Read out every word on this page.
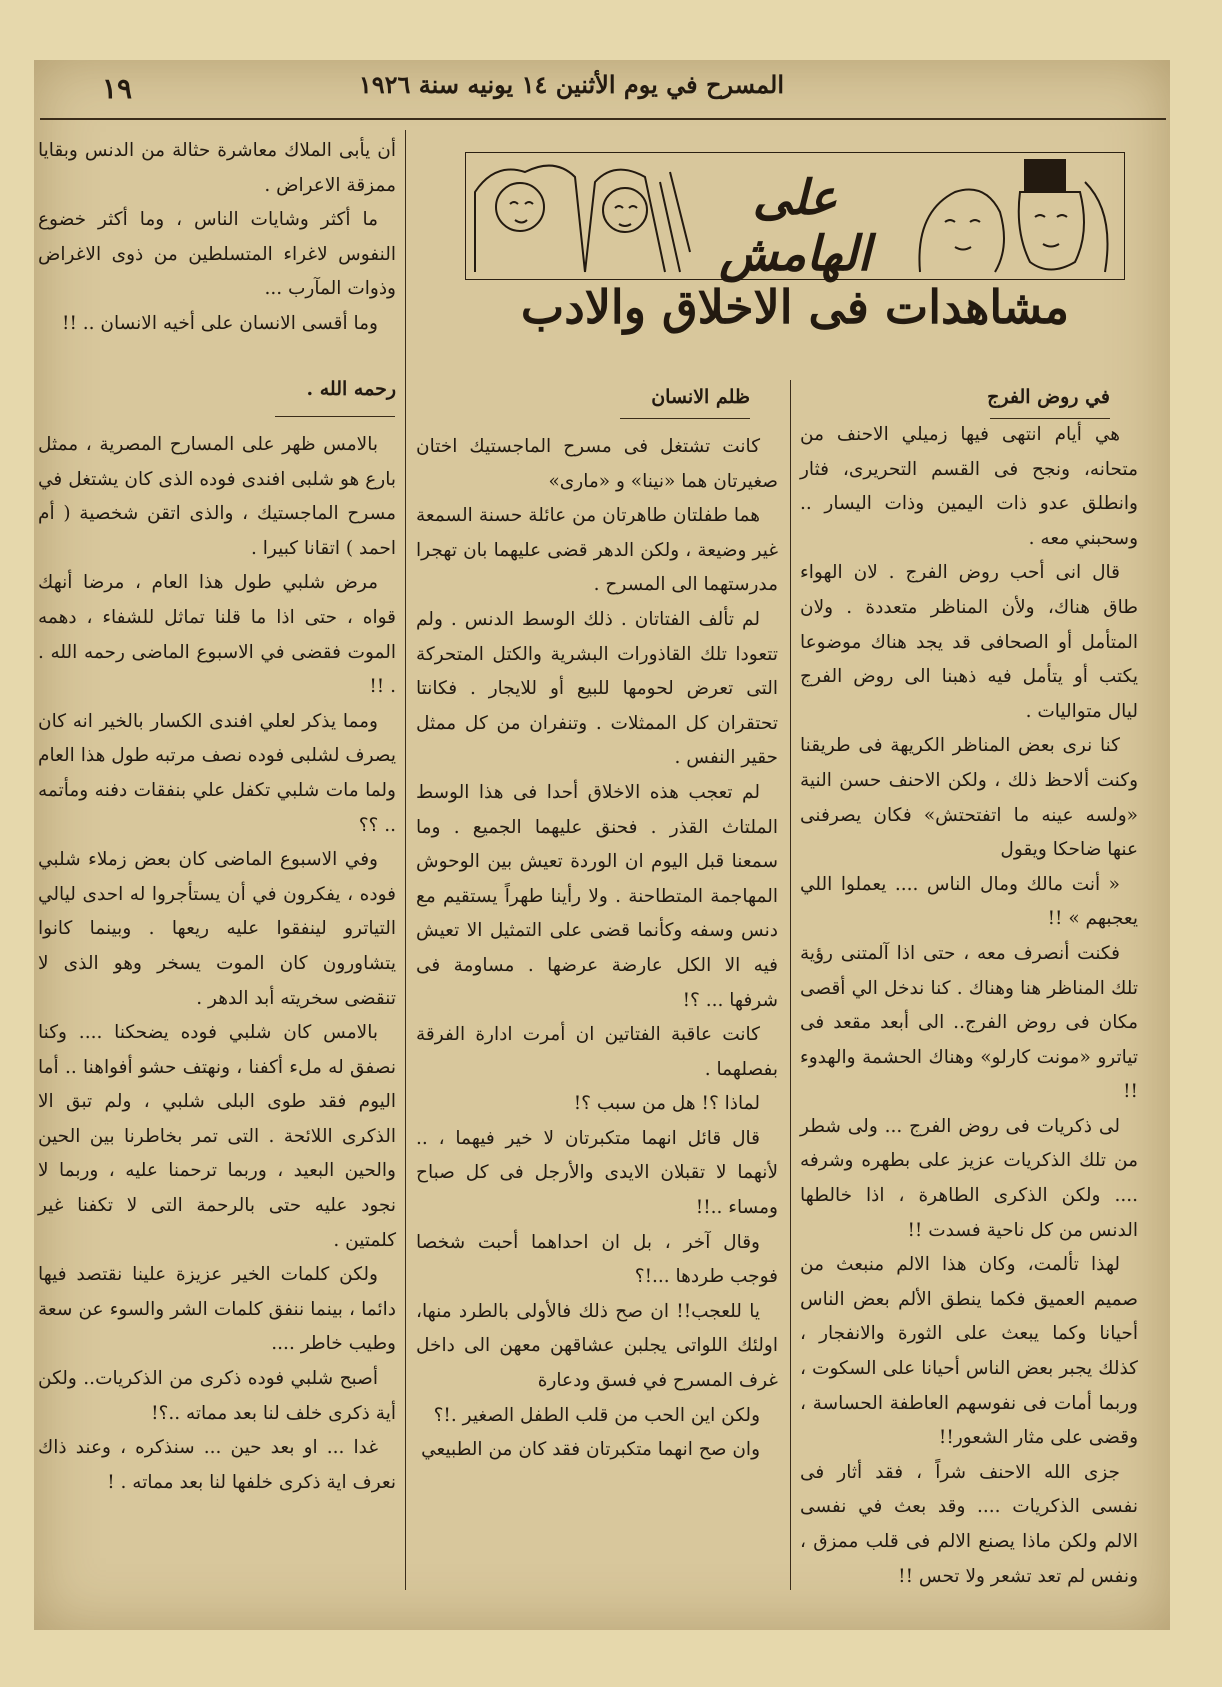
المسرح في يوم الأثنين ١٤ يونيه سنة ١٩٢٦
١٩
على الهامش
مشاهدات فى الاخلاق والادب
في روض الفرج

هي أيام انتهى فيها زميلي الاحنف من متحانه، ونجح فى القسم التحريرى، فثار وانطلق عدو ذات اليمين وذات اليسار .. وسحبني معه .

قال انى أحب روض الفرج . لان الهواء طاق هناك، ولأن المناظر متعددة . ولان المتأمل أو الصحافى قد يجد هناك موضوعا يكتب أو يتأمل فيه ذهبنا الى روض الفرج ليال متواليات .

كنا نرى بعض المناظر الكريهة فى طريقنا وكنت ألاحظ ذلك ، ولكن الاحنف حسن النية «ولسه عينه ما اتفتحتش» فكان يصرفنى عنها ضاحكا ويقول

« أنت مالك ومال الناس .... يعملوا اللي يعجبهم » !!

فكنت أنصرف معه ، حتى اذا آلمتنى رؤية تلك المناظر هنا وهناك . كنا ندخل الي أقصى مكان فى روض الفرج.. الى أبعد مقعد فى تياترو «مونت كارلو» وهناك الحشمة والهدوء !!

لى ذكريات فى روض الفرج ... ولى شطر من تلك الذكريات عزيز على بطهره وشرفه .... ولكن الذكرى الطاهرة ، اذا خالطها الدنس من كل ناحية فسدت !!

لهذا تألمت، وكان هذا الالم منبعث من صميم العميق فكما ينطق الألم بعض الناس أحيانا وكما يبعث على الثورة والانفجار ، كذلك يجبر بعض الناس أحيانا على السكوت ، وربما أمات فى نفوسهم العاطفة الحساسة ، وقضى على مثار الشعور!!

جزى الله الاحنف شراً ، فقد أثار فى نفسى الذكريات .... وقد بعث في نفسى الالم ولكن ماذا يصنع الالم فى قلب ممزق ، ونفس لم تعد تشعر ولا تحس !!

ظلم الانسان

كانت تشتغل فى مسرح الماجستيك اختان صغيرتان هما «نينا» و «مارى»

هما طفلتان طاهرتان من عائلة حسنة السمعة غير وضيعة ، ولكن الدهر قضى عليهما بان تهجرا مدرستهما الى المسرح .

لم تألف الفتاتان . ذلك الوسط الدنس . ولم تتعودا تلك القاذورات البشرية والكتل المتحركة التى تعرض لحومها للبيع أو للايجار . فكانتا تحتقران كل الممثلات . وتنفران من كل ممثل حقير النفس .

لم تعجب هذه الاخلاق أحدا فى هذا الوسط الملتاث القذر . فحنق عليهما الجميع . وما سمعنا قبل اليوم ان الوردة تعيش بين الوحوش المهاجمة المتطاحنة . ولا رأينا طهراً يستقيم مع دنس وسفه وكأنما قضى على التمثيل الا تعيش فيه الا الكل عارضة عرضها . مساومة فى شرفها ... ؟!

كانت عاقبة الفتاتين ان أمرت ادارة الفرقة بفصلهما .

لماذا ؟! هل من سبب ؟!

قال قائل انهما متكبرتان لا خير فيهما ، .. لأنهما لا تقبلان الايدى والأرجل فى كل صباح ومساء ..!!

وقال آخر ، بل ان احداهما أحبت شخصا فوجب طردها ...!؟

يا للعجب!! ان صح ذلك فالأولى بالطرد منها، اولئك اللواتى يجلبن عشاقهن معهن الى داخل غرف المسرح في فسق ودعارة

ولكن اين الحب من قلب الطفل الصغير .!؟

وان صح انهما متكبرتان فقد كان من الطبيعي

أن يأبى الملاك معاشرة حثالة من الدنس وبقايا ممزقة الاعراض .

ما أكثر وشايات الناس ، وما أكثر خضوع النفوس لاغراء المتسلطين من ذوى الاغراض وذوات المآرب ...

وما أقسى الانسان على أخيه الانسان .. !!

رحمه الله .

بالامس ظهر على المسارح المصرية ، ممثل بارع هو شلبى افندى فوده الذى كان يشتغل في مسرح الماجستيك ، والذى اتقن شخصية ( أم احمد ) اتقانا كبيرا .

مرض شلبي طول هذا العام ، مرضا أنهك قواه ، حتى اذا ما قلنا تماثل للشفاء ، دهمه الموت فقضى في الاسبوع الماضى رحمه الله . . !!

ومما يذكر لعلي افندى الكسار بالخير انه كان يصرف لشلبى فوده نصف مرتبه طول هذا العام ولما مات شلبي تكفل علي بنفقات دفنه ومأتمه .. ؟؟

وفي الاسبوع الماضى كان بعض زملاء شلبي فوده ، يفكرون في أن يستأجروا له احدى ليالي التياترو لينفقوا عليه ريعها . وبينما كانوا يتشاورون كان الموت يسخر وهو الذى لا تنقضى سخريته أبد الدهر .

بالامس كان شلبي فوده يضحكنا .... وكنا نصفق له ملء أكفنا ، ونهتف حشو أفواهنا .. أما اليوم فقد طوى البلى شلبي ، ولم تبق الا الذكرى اللائحة . التى تمر بخاطرنا بين الحين والحين البعيد ، وربما ترحمنا عليه ، وربما لا نجود عليه حتى بالرحمة التى لا تكفنا غير كلمتين .

ولكن كلمات الخير عزيزة علينا نقتصد فيها دائما ، بينما ننفق كلمات الشر والسوء عن سعة وطيب خاطر ....

أصبح شلبي فوده ذكرى من الذكريات.. ولكن أية ذكرى خلف لنا بعد مماته ..؟!

غدا ... او بعد حين ... سنذكره ، وعند ذاك نعرف اية ذكرى خلفها لنا بعد مماته . !
